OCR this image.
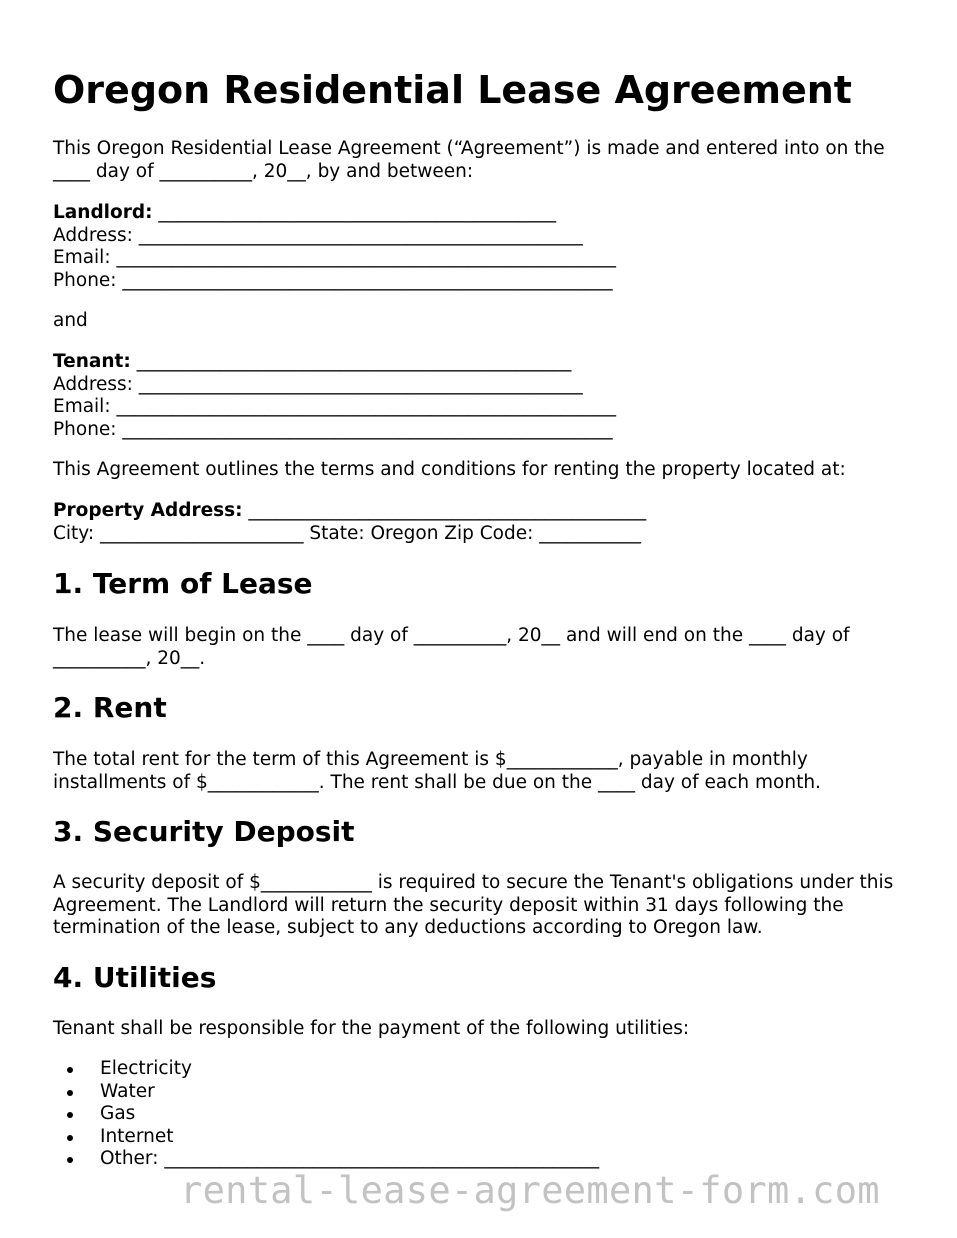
Oregon Residential Lease Agreement
This Oregon Residential Lease Agreement (“Agreement”) is made and entered into on the
____ day of __________, 20__, by and between:
Landlord: ___________________________________________
Address: ________________________________________________
Email: ______________________________________________________
Phone: _____________________________________________________
and
Tenant: _______________________________________________
Address: ________________________________________________
Email: ______________________________________________________
Phone: _____________________________________________________
This Agreement outlines the terms and conditions for renting the property located at:
Property Address: ___________________________________________
City: ______________________ State: Oregon Zip Code: ___________
1. Term of Lease
The lease will begin on the ____ day of __________, 20__ and will end on the ____ day of
__________, 20__.
2. Rent
The total rent for the term of this Agreement is $____________, payable in monthly
installments of $____________. The rent shall be due on the ____ day of each month.
3. Security Deposit
A security deposit of $____________ is required to secure the Tenant's obligations under this
Agreement. The Landlord will return the security deposit within 31 days following the
termination of the lease, subject to any deductions according to Oregon law.
4. Utilities
Tenant shall be responsible for the payment of the following utilities:
Electricity
Water
Gas
Internet
Other: _______________________________________________
rental-lease-agreement-form.com
